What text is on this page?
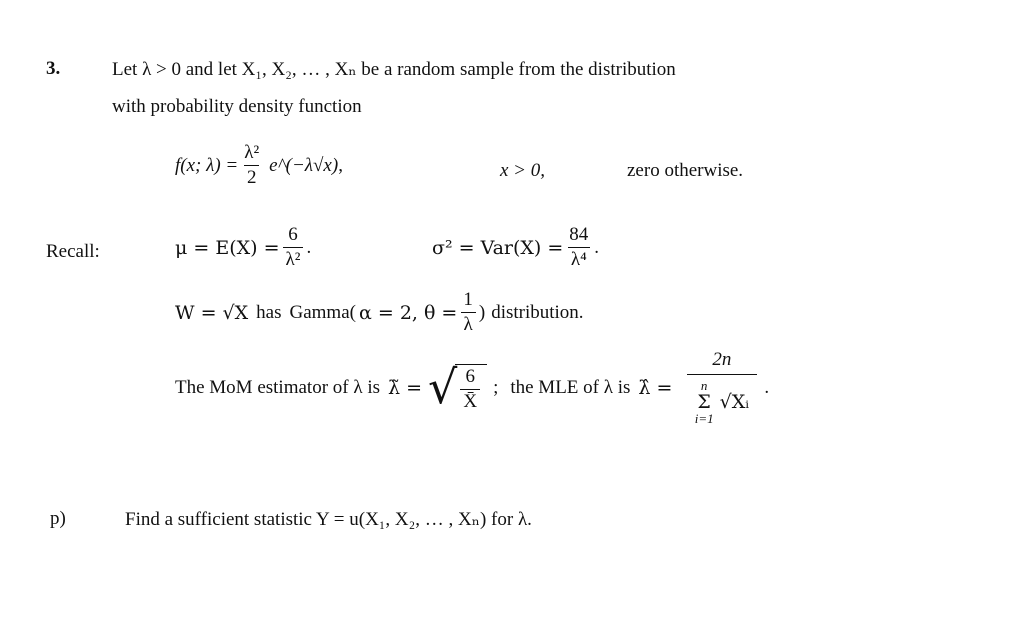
3.	Let λ > 0 and let X₁, X₂, … , Xₙ be a random sample from the distribution
with probability density function
f(x; $\lambda) = \frac{\text{λ²}}{2}$ e^(−λ√x) ,	x > 0,	zero otherwise.
Recall:	$\mu = E(X) = \frac{6}{\text{λ²}}$ .	$\sigma^2 = Var(X) = \frac{84}{\text{λ⁴}}$ .
W = √X has Gamma ( α = 2, $\theta = \frac{1}{\lambda}$ ) distribution.
The MoM estimator of λ is λ̃ = √ $\frac{6}{X̄}$ ; the MLE of λ is λ̂ = 2n
n
Σ
i=1
√Xᵢ .
p)	Find a sufficient statistic Y = u(X₁, X₂, … , Xₙ) for λ.
